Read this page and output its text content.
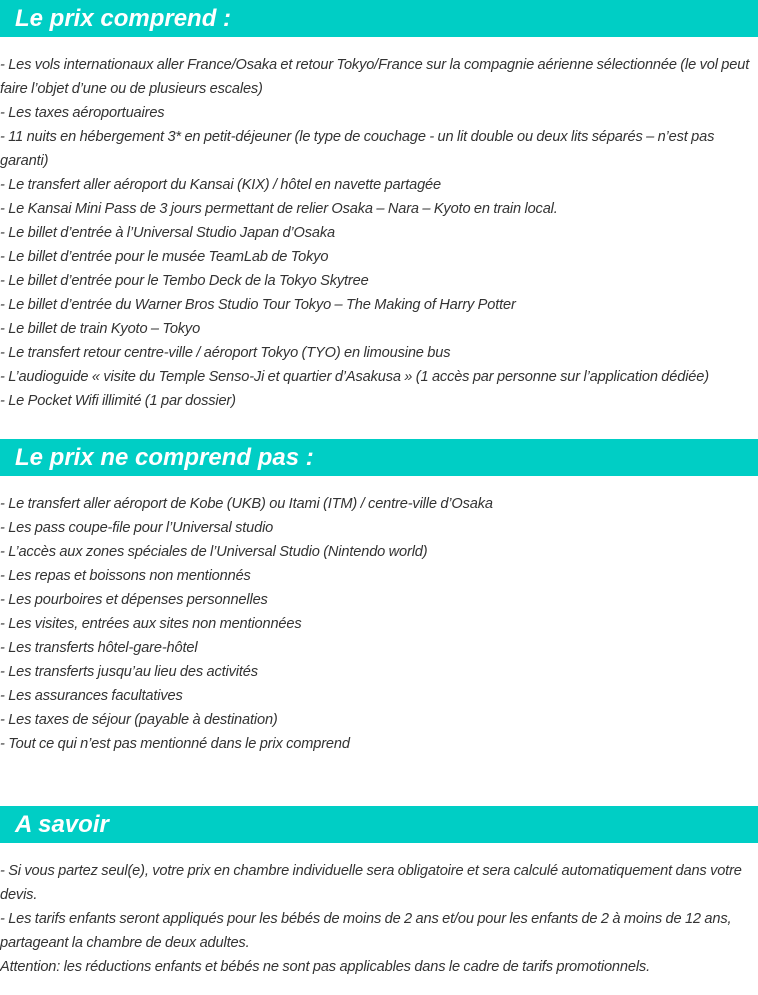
Le prix comprend :
- Les vols internationaux aller France/Osaka et retour Tokyo/France sur la compagnie aérienne sélectionnée (le vol peut faire l’objet d’une ou de plusieurs escales)
- Les taxes aéroportuaires
- 11 nuits en hébergement 3* en petit-déjeuner (le type de couchage - un lit double ou deux lits séparés – n’est pas garanti)
- Le transfert aller aéroport du Kansai (KIX) / hôtel en navette partagée
- Le Kansai Mini Pass de 3 jours permettant de relier Osaka – Nara – Kyoto en train local.
- Le billet d’entrée à l’Universal Studio Japan d’Osaka
- Le billet d’entrée pour le musée TeamLab de Tokyo
- Le billet d’entrée pour le Tembo Deck de la Tokyo Skytree
- Le billet d’entrée du Warner Bros Studio Tour Tokyo – The Making of Harry Potter
- Le billet de train Kyoto – Tokyo
- Le transfert retour centre-ville / aéroport Tokyo (TYO) en limousine bus
- L’audioguide « visite du Temple Senso-Ji et quartier d’Asakusa » (1 accès par personne sur l’application dédiée)
- Le Pocket Wifi illimité (1 par dossier)
Le prix ne comprend pas :
- Le transfert aller aéroport de Kobe (UKB) ou Itami (ITM) / centre-ville d’Osaka
- Les pass coupe-file pour l’Universal studio
- L’accès aux zones spéciales de l’Universal Studio (Nintendo world)
- Les repas et boissons non mentionnés
- Les pourboires et dépenses personnelles
- Les visites, entrées aux sites non mentionnées
- Les transferts hôtel-gare-hôtel
- Les transferts jusqu’au lieu des activités
- Les assurances facultatives
- Les taxes de séjour (payable à destination)
- Tout ce qui n’est pas mentionné dans le prix comprend
A savoir
- Si vous partez seul(e), votre prix en chambre individuelle sera obligatoire et sera calculé automatiquement dans votre devis.
- Les tarifs enfants seront appliqués pour les bébés de moins de 2 ans et/ou pour les enfants de 2 à moins de 12 ans, partageant la chambre de deux adultes.
Attention: les réductions enfants et bébés ne sont pas applicables dans le cadre de tarifs promotionnels.
